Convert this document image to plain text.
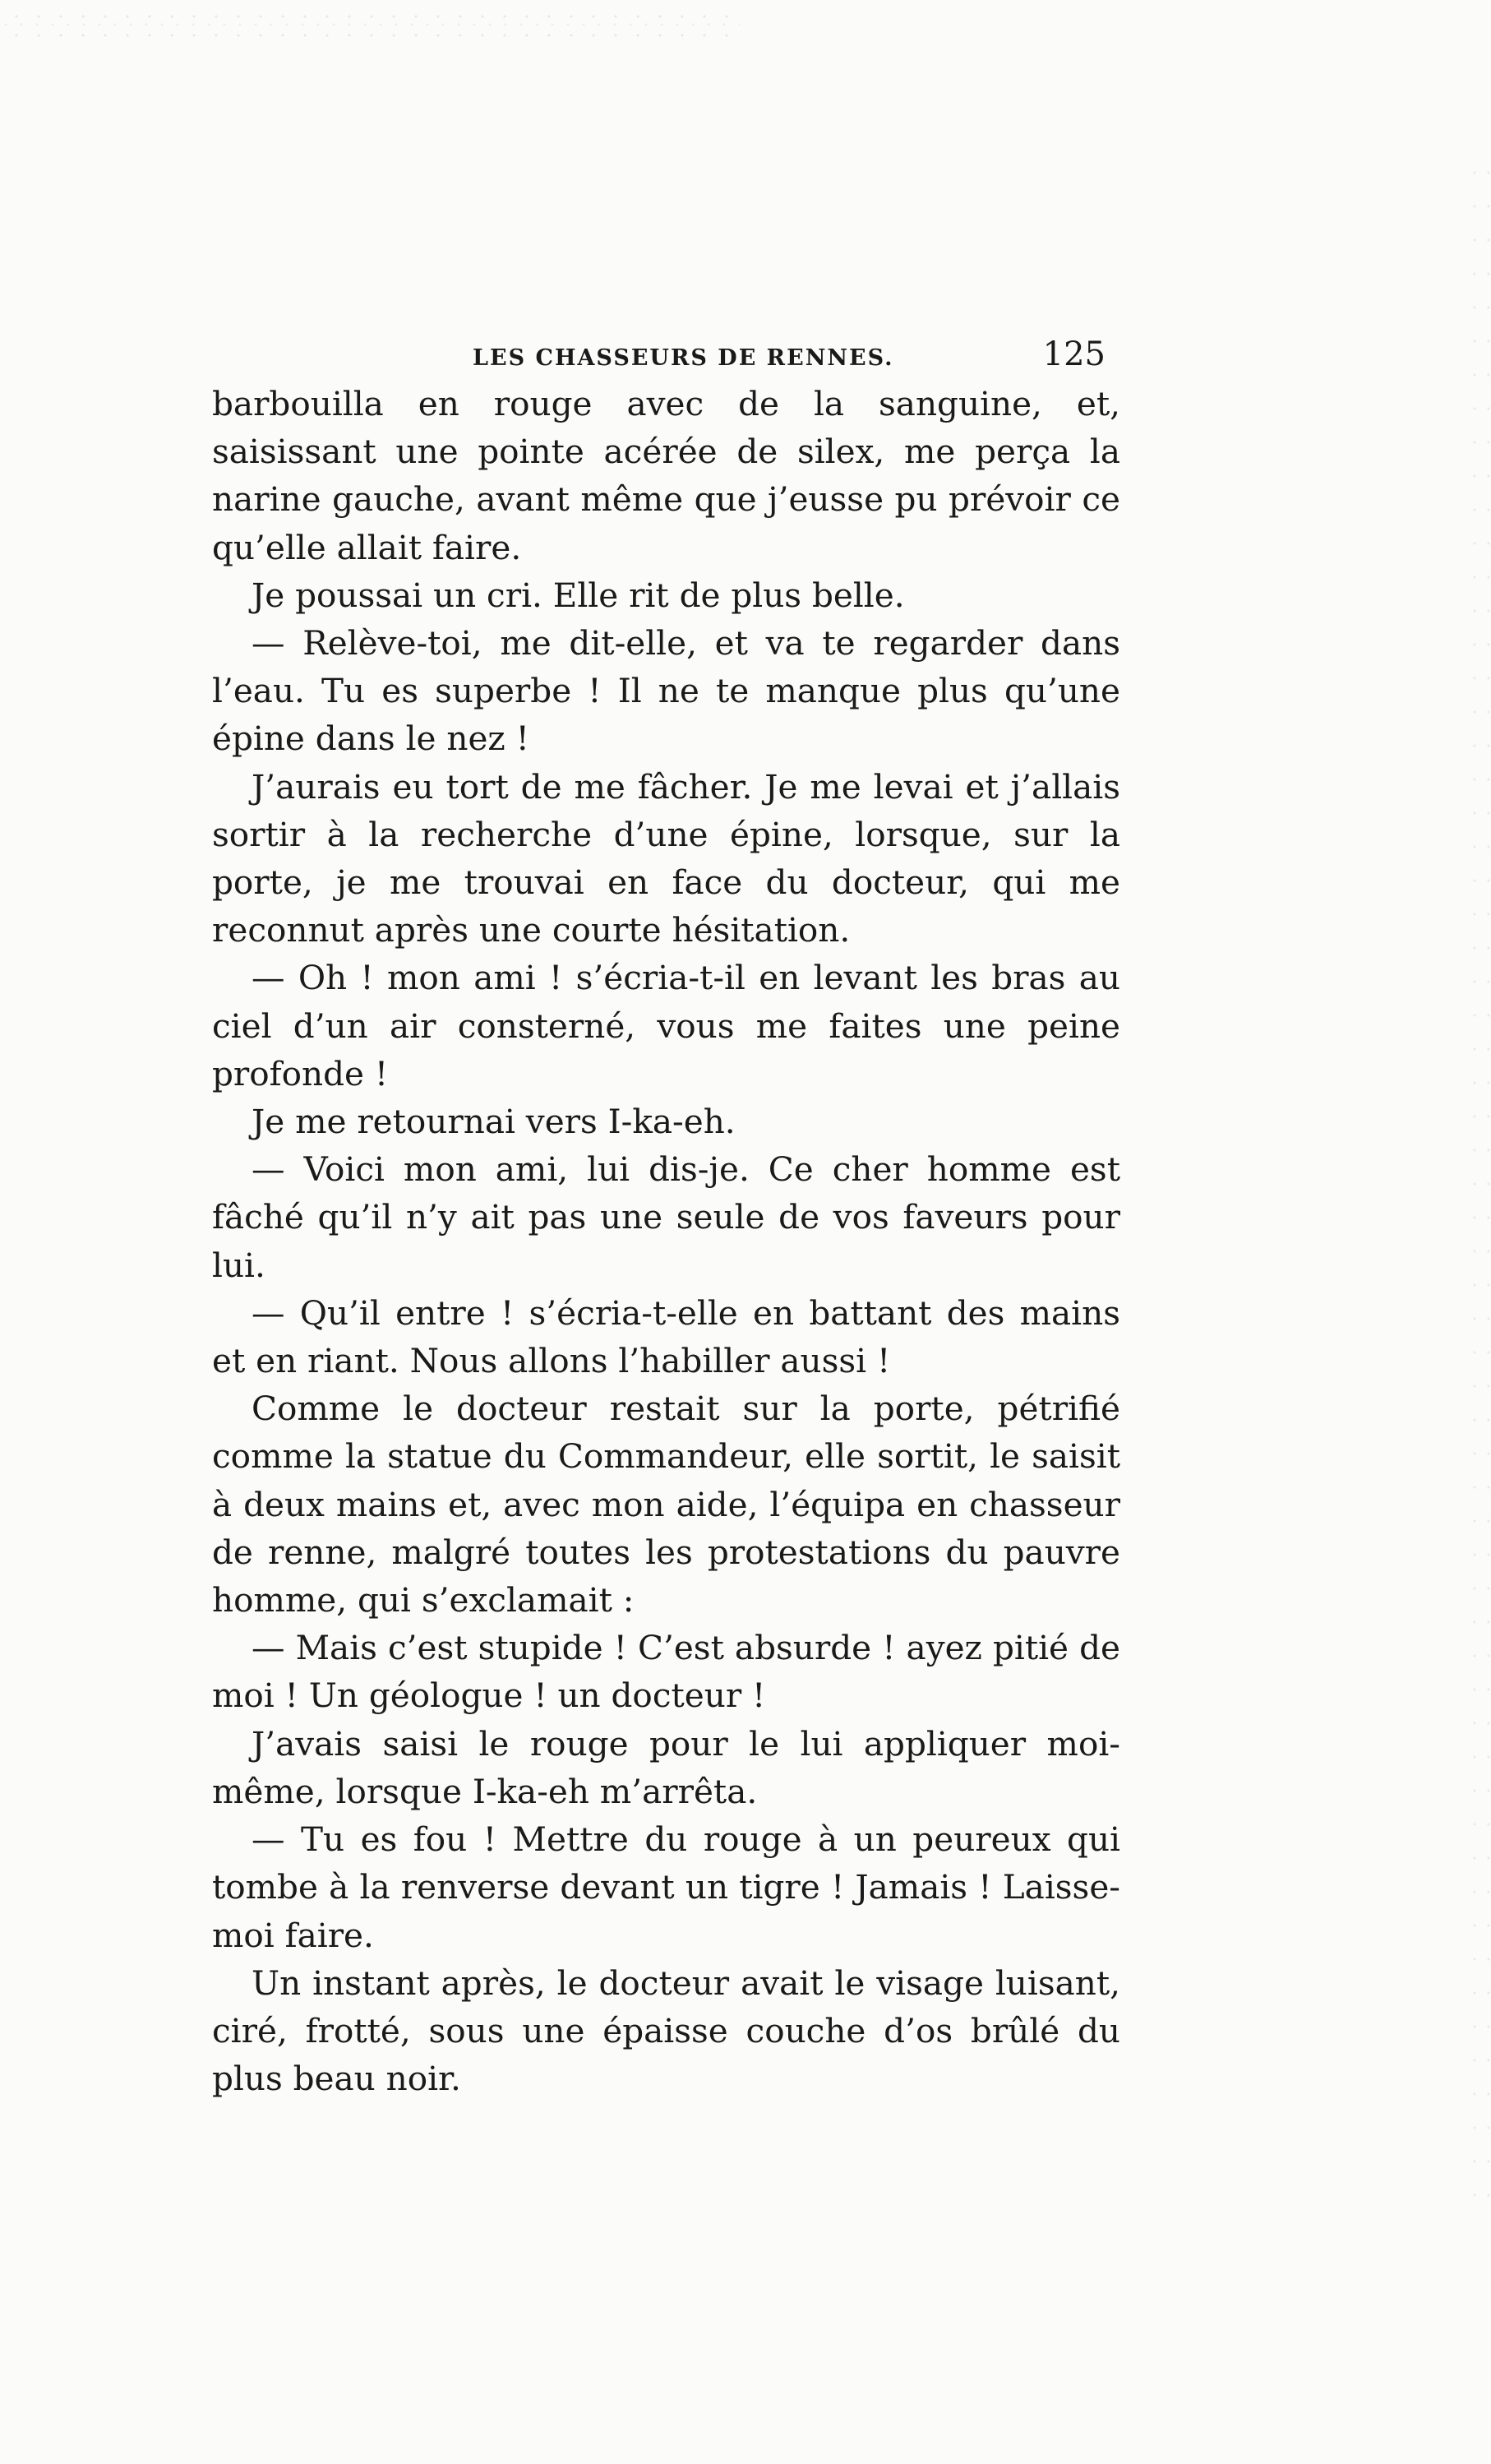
LES CHASSEURS DE RENNES.	125

barbouilla en rouge avec de la sanguine, et, saisissant une pointe acérée de silex, me perça la narine gauche, avant même que j’eusse pu prévoir ce qu’elle allait faire.

Je poussai un cri. Elle rit de plus belle.

— Relève-toi, me dit-elle, et va te regarder dans l’eau. Tu es superbe ! Il ne te manque plus qu’une épine dans le nez !

J’aurais eu tort de me fâcher. Je me levai et j’allais sortir à la recherche d’une épine, lorsque, sur la porte, je me trouvai en face du docteur, qui me reconnut après une courte hésitation.

— Oh ! mon ami ! s’écria-t-il en levant les bras au ciel d’un air consterné, vous me faites une peine profonde !

Je me retournai vers I-ka-eh.

— Voici mon ami, lui dis-je. Ce cher homme est fâché qu’il n’y ait pas une seule de vos faveurs pour lui.

— Qu’il entre ! s’écria-t-elle en battant des mains et en riant. Nous allons l’habiller aussi !

Comme le docteur restait sur la porte, pétrifié comme la statue du Commandeur, elle sortit, le saisit à deux mains et, avec mon aide, l’équipa en chasseur de renne, malgré toutes les protestations du pauvre homme, qui s’exclamait :

— Mais c’est stupide ! C’est absurde ! ayez pitié de moi ! Un géologue ! un docteur !

J’avais saisi le rouge pour le lui appliquer moi-même, lorsque I-ka-eh m’arrêta.

— Tu es fou ! Mettre du rouge à un peureux qui tombe à la renverse devant un tigre ! Jamais ! Laisse-moi faire.

Un instant après, le docteur avait le visage luisant, ciré, frotté, sous une épaisse couche d’os brûlé du plus beau noir.
